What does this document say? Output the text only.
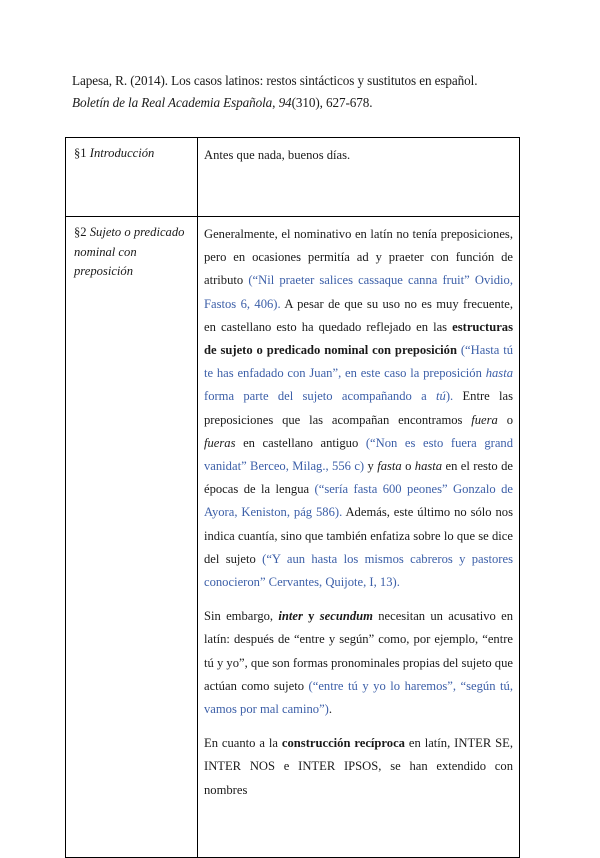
Lapesa, R. (2014). Los casos latinos: restos sintácticos y sustitutos en español.

Boletín de la Real Academia Española, 94(310), 627-678.

§1 Introducción	Antes que nada, buenos días.
§2 Sujeto o predicado nominal con preposición	Generalmente, el nominativo en latín no tenía preposiciones, pero en ocasiones permitía ad y praeter con función de atributo (“Nil praeter salices cassaque canna fruit” Ovidio, Fastos 6, 406). A pesar de que su uso no es muy frecuente, en castellano esto ha quedado reflejado en las estructuras de sujeto o predicado nominal con preposición (“Hasta tú te has enfadado con Juan”, en este caso la preposición hasta forma parte del sujeto acompañando a tú). Entre las preposiciones que las acompañan encontramos fuera o fueras en castellano antiguo (“Non es esto fuera grand vanidat” Berceo, Milag., 556 c) y fasta o hasta en el resto de épocas de la lengua (“sería fasta 600 peones” Gonzalo de Ayora, Keniston, pág 586). Además, este último no sólo nos indica cuantía, sino que también enfatiza sobre lo que se dice del sujeto (“Y aun hasta los mismos cabreros y pastores conocieron” Cervantes, Quijote, I, 13).

Sin embargo, inter y secundum necesitan un acusativo en latín: después de “entre y según” como, por ejemplo, “entre tú y yo”, que son formas pronominales propias del sujeto que actúan como sujeto (“entre tú y yo lo haremos”, “según tú, vamos por mal camino”).

En cuanto a la construcción recíproca en latín, INTER SE, INTER NOS e INTER IPSOS, se han extendido con nombres
